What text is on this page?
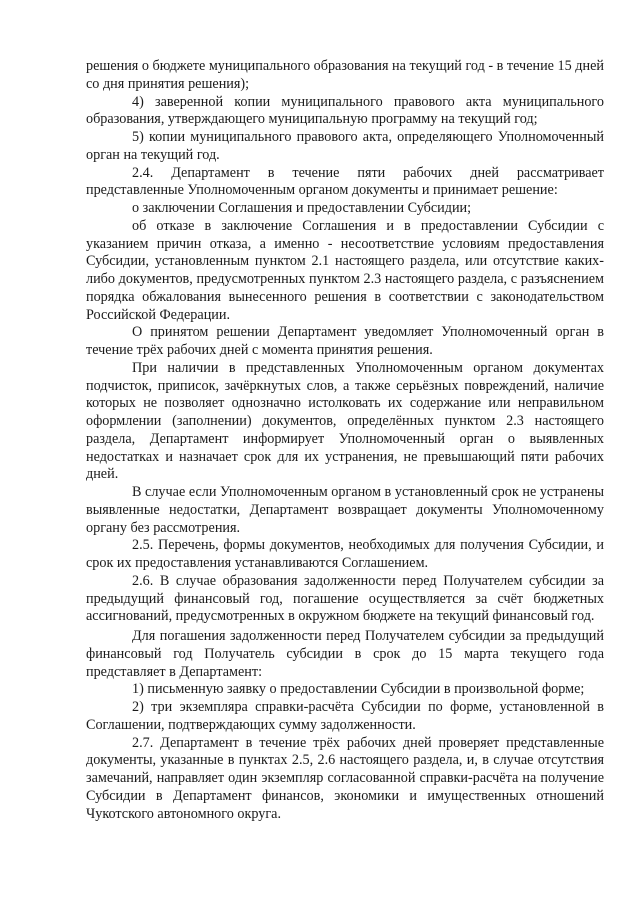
решения о бюджете муниципального образования на текущий год - в течение 15 дней со дня принятия решения);

4) заверенной копии муниципального правового акта муниципального образования, утверждающего муниципальную программу на текущий год;

5) копии муниципального правового акта, определяющего Уполномоченный орган на текущий год.

2.4. Департамент в течение пяти рабочих дней рассматривает представленные Уполномоченным органом документы и принимает решение:

о заключении Соглашения и предоставлении Субсидии;

об отказе в заключение Соглашения и в предоставлении Субсидии с указанием причин отказа, а именно - несоответствие условиям предоставления Субсидии, установленным пунктом 2.1 настоящего раздела, или отсутствие каких-либо документов, предусмотренных пунктом 2.3 настоящего раздела, с разъяснением порядка обжалования вынесенного решения в соответствии с законодательством Российской Федерации.

О принятом решении Департамент уведомляет Уполномоченный орган в течение трёх рабочих дней с момента принятия решения.

При наличии в представленных Уполномоченным органом документах подчисток, приписок, зачёркнутых слов, а также серьёзных повреждений, наличие которых не позволяет однозначно истолковать их содержание или неправильном оформлении (заполнении) документов, определённых пунктом 2.3 настоящего раздела, Департамент информирует Уполномоченный орган о выявленных недостатках и назначает срок для их устранения, не превышающий пяти рабочих дней.

В случае если Уполномоченным органом в установленный срок не устранены выявленные недостатки, Департамент возвращает документы Уполномоченному органу без рассмотрения.

2.5. Перечень, формы документов, необходимых для получения Субсидии, и срок их предоставления устанавливаются Соглашением.

2.6. В случае образования задолженности перед Получателем субсидии за предыдущий финансовый год, погашение осуществляется за счёт бюджетных ассигнований, предусмотренных в окружном бюджете на текущий финансовый год.

Для погашения задолженности перед Получателем субсидии за предыдущий финансовый год Получатель субсидии в срок до 15 марта текущего года представляет в Департамент:

1) письменную заявку о предоставлении Субсидии в произвольной форме;

2) три экземпляра справки-расчёта Субсидии по форме, установленной в Соглашении, подтверждающих сумму задолженности.

2.7. Департамент в течение трёх рабочих дней проверяет представленные документы, указанные в пунктах 2.5, 2.6 настоящего раздела, и, в случае отсутствия замечаний, направляет один экземпляр согласованной справки-расчёта на получение Субсидии в Департамент финансов, экономики и имущественных отношений Чукотского автономного округа.
